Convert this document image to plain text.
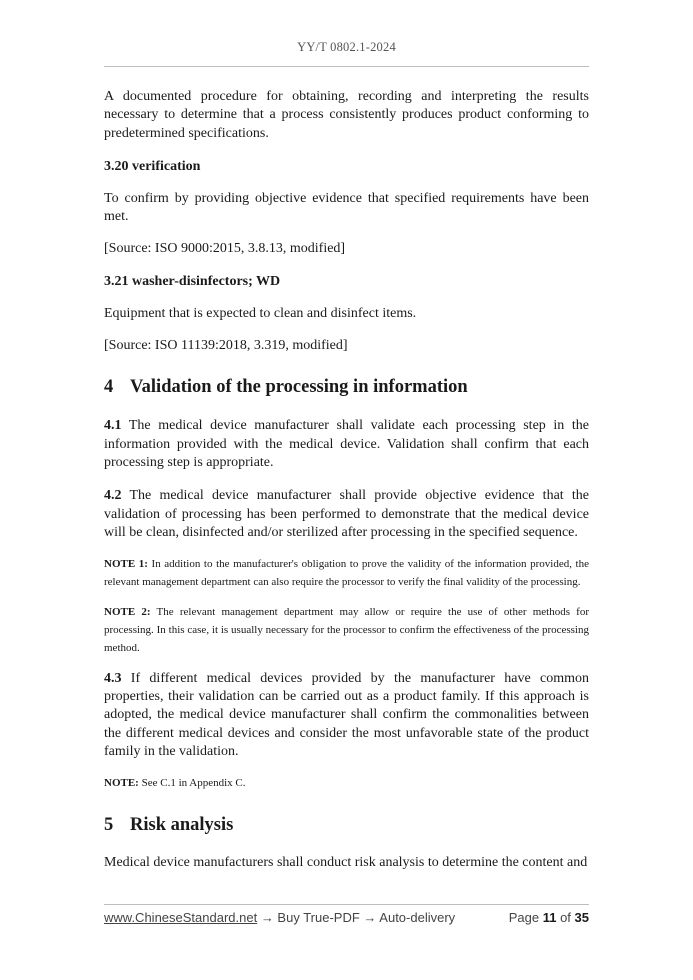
YY/T 0802.1-2024

A documented procedure for obtaining, recording and interpreting the results necessary to determine that a process consistently produces product conforming to predetermined specifications.

3.20 verification

To confirm by providing objective evidence that specified requirements have been met.

[Source: ISO 9000:2015, 3.8.13, modified]

3.21 washer-disinfectors; WD

Equipment that is expected to clean and disinfect items.

[Source: ISO 11139:2018, 3.319, modified]

4 Validation of the processing in information

4.1 The medical device manufacturer shall validate each processing step in the information provided with the medical device. Validation shall confirm that each processing step is appropriate.

4.2 The medical device manufacturer shall provide objective evidence that the validation of processing has been performed to demonstrate that the medical device will be clean, disinfected and/or sterilized after processing in the specified sequence.

NOTE 1: In addition to the manufacturer's obligation to prove the validity of the information provided, the relevant management department can also require the processor to verify the final validity of the processing.

NOTE 2: The relevant management department may allow or require the use of other methods for processing. In this case, it is usually necessary for the processor to confirm the effectiveness of the processing method.

4.3 If different medical devices provided by the manufacturer have common properties, their validation can be carried out as a product family. If this approach is adopted, the medical device manufacturer shall confirm the commonalities between the different medical devices and consider the most unfavorable state of the product family in the validation.

NOTE: See C.1 in Appendix C.

5 Risk analysis

Medical device manufacturers shall conduct risk analysis to determine the content and

www.ChineseStandard.net → Buy True-PDF → Auto-delivery	Page 11 of 35
